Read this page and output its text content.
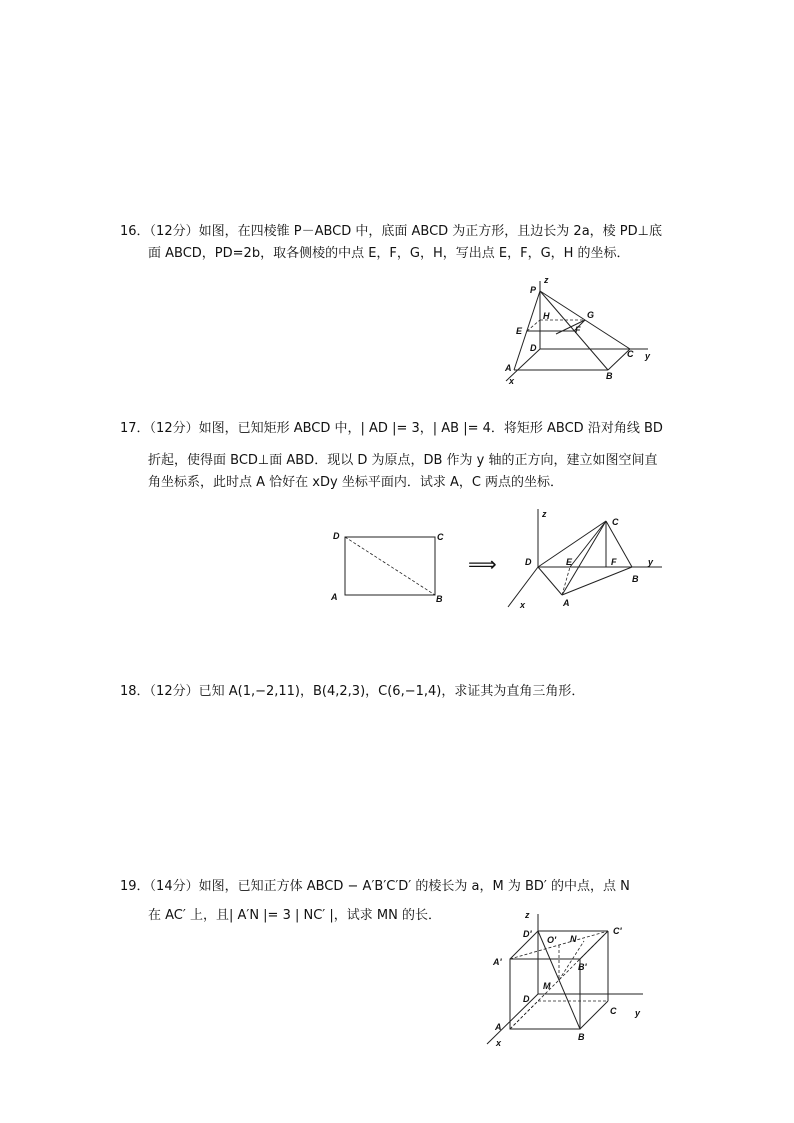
16．（12分）如图，在四棱锥 P－ABCD 中，底面 ABCD 为正方形，且边长为 2a，棱 PD⊥底
面 ABCD，PD=2b，取各侧棱的中点 E，F，G，H，写出点 E，F，G，H 的坐标．
P
z
H	G
E	F
D
C y
A
B
x
17．（12分）如图，已知矩形 ABCD 中，| AD |= 3，| AB |= 4．将矩形 ABCD 沿对角线 BD
折起，使得面 BCD⊥面 ABD．现以 D 为原点，DB 作为 y 轴的正方向，建立如图空间直
角坐标系，此时点 A 恰好在 xDy 坐标平面内．试求 A，C 两点的坐标．
D	C
A	B
⟹
z
C
D	E	F	y
B
A
x
18．（12分）已知 A(1,−2,11)，B(4,2,3)，C(6,−1,4)，求证其为直角三角形．
19．（14分）如图，已知正方体 ABCD − A′B′C′D′ 的棱长为 a，M 为 BD′ 的中点，点 N
在 AC′ 上，且| A′N |= 3 | NC′ |，试求 MN 的长．	z
D'
O' N
C'
A'	B'
M
D
C y
A
B
x
